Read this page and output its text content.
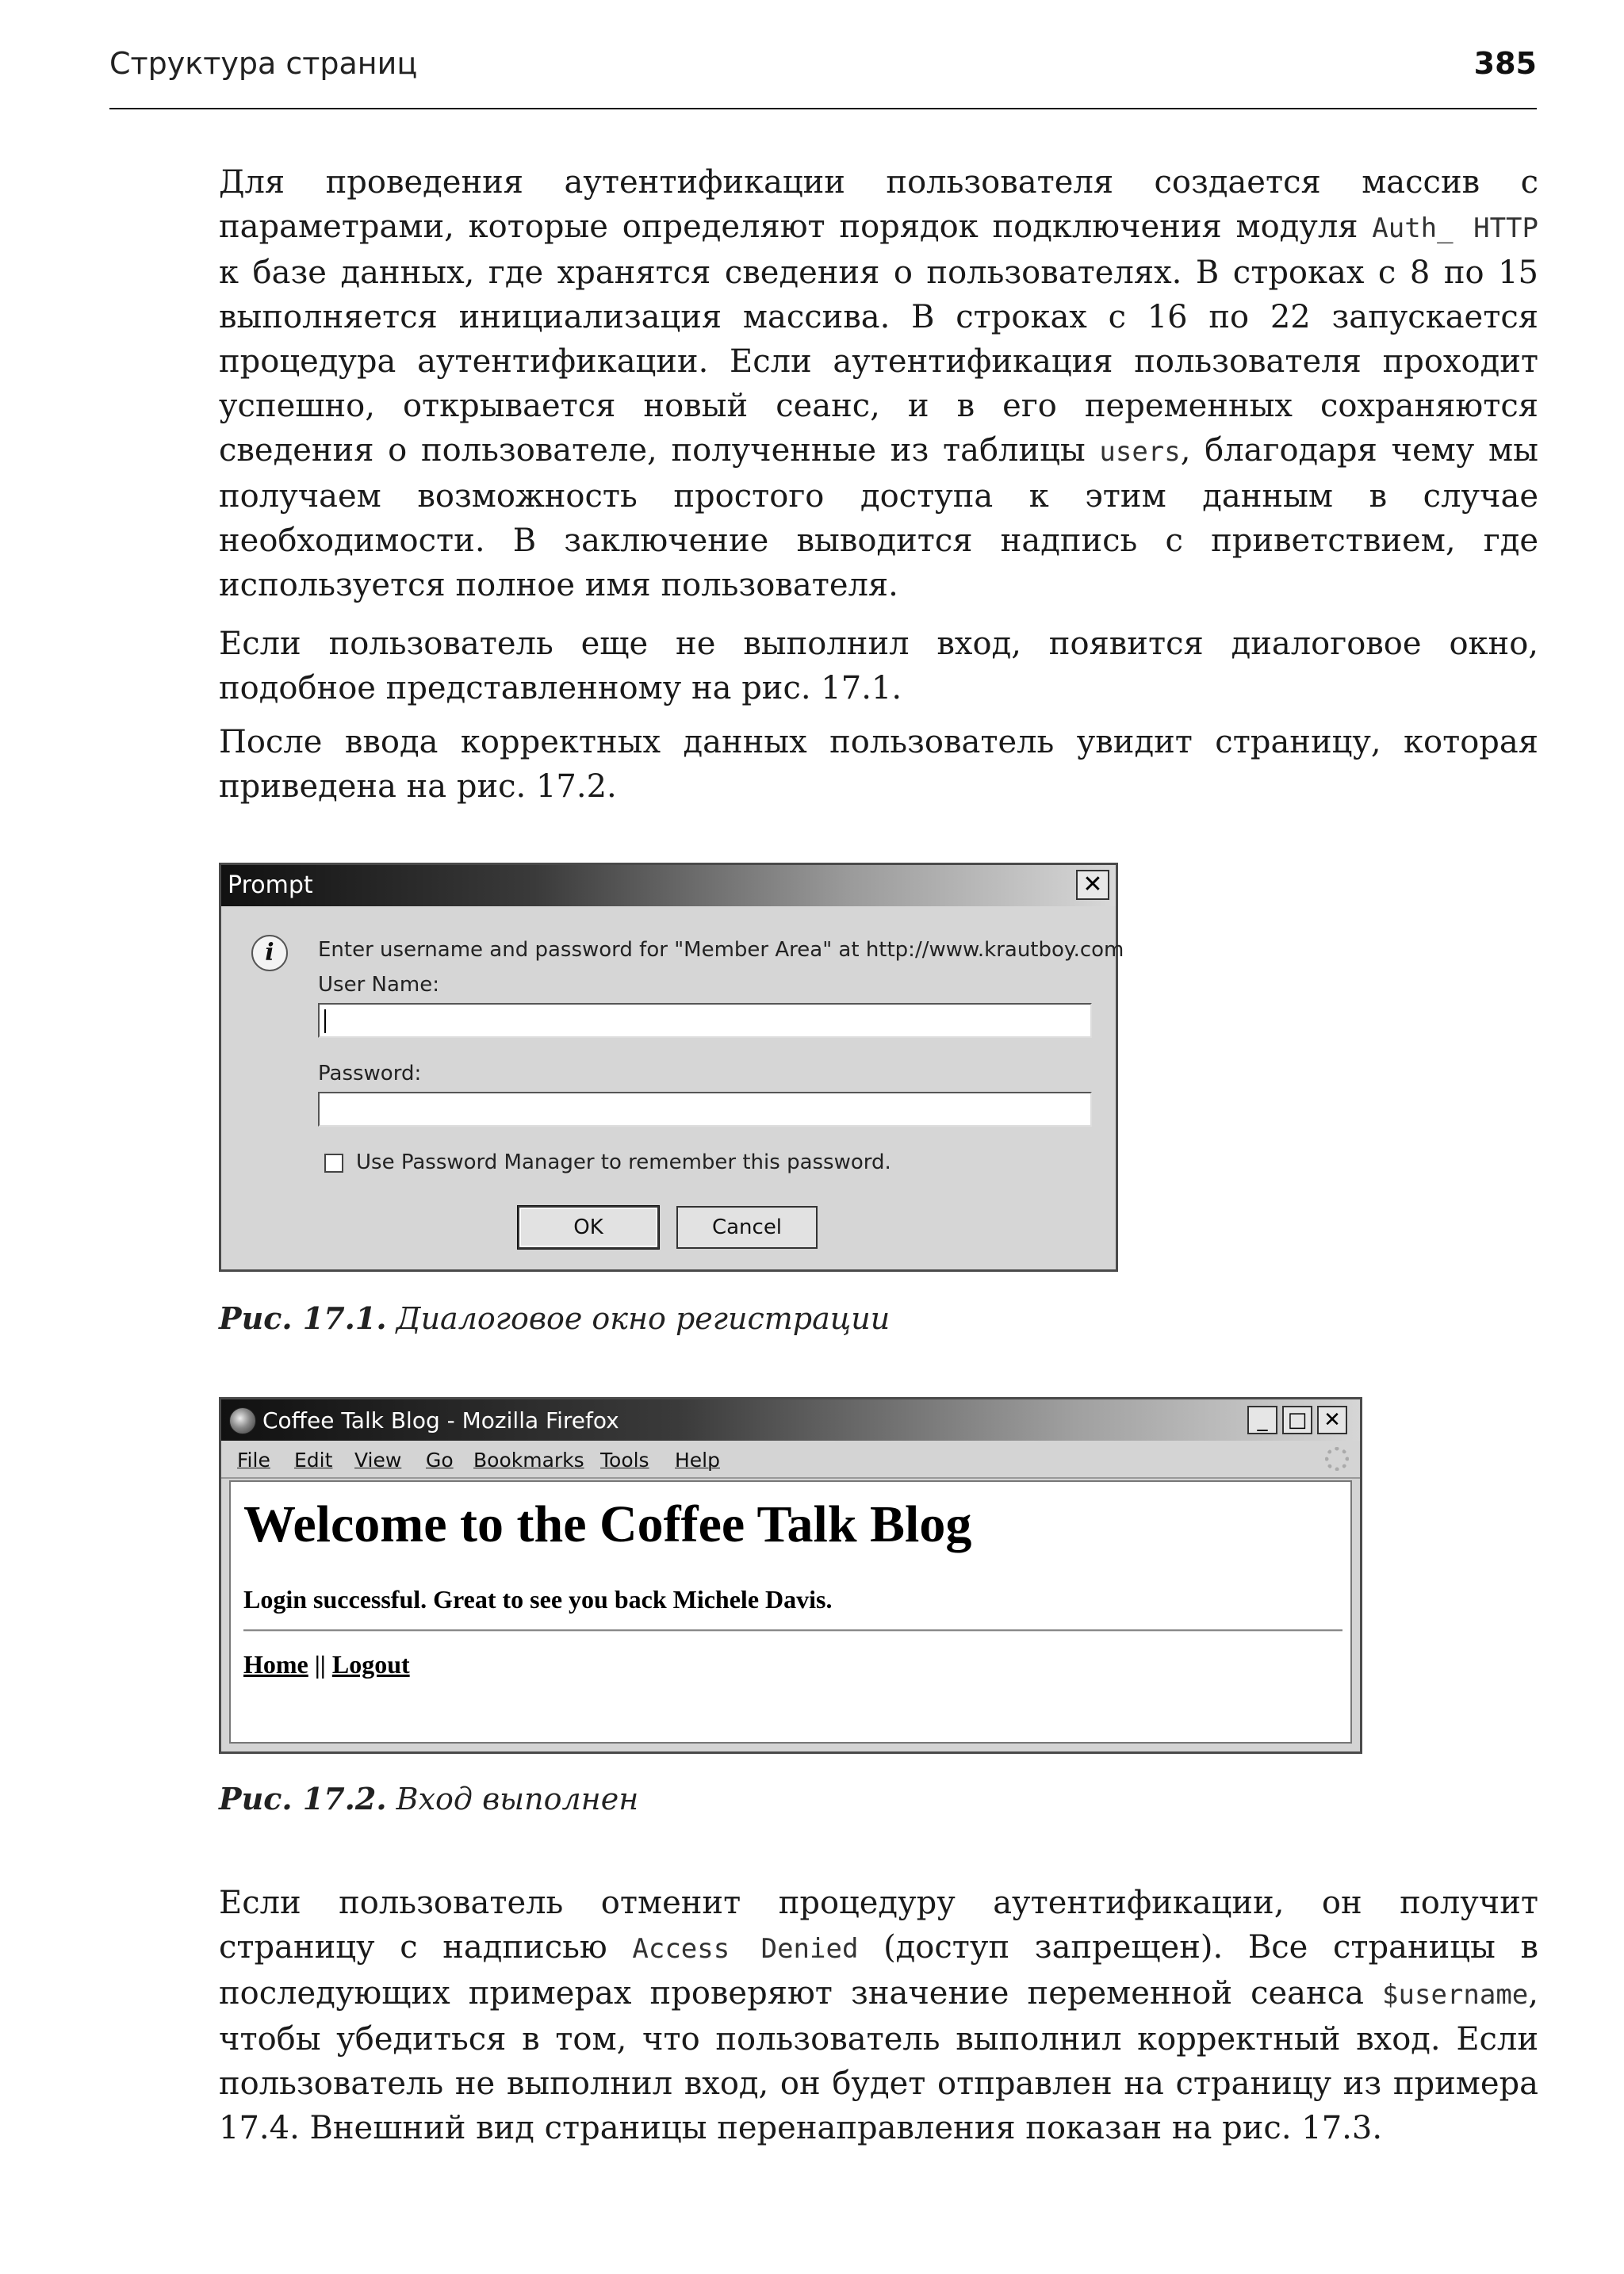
Структура страниц	385

Для проведения аутентификации пользователя создается массив с параметрами, которые определяют порядок подключения модуля Auth_ HTTP к базе данных, где хранятся сведения о пользователях. В строках с 8 по 15 выполняется инициализация массива. В строках с 16 по 22 запускается процедура аутентификации. Если аутентификация пользователя проходит успешно, открывается новый сеанс, и в его переменных сохраняются сведения о пользователе, полученные из таблицы users, благодаря чему мы получаем возможность простого доступа к этим данным в случае необходимости. В заключение выводится надпись с приветствием, где используется полное имя пользователя.

Если пользователь еще не выполнил вход, появится диалоговое окно, подобное представленному на рис. 17.1.

После ввода корректных данных пользователь увидит страницу, которая приведена на рис. 17.2.

Prompt	✕
i	Enter username and password for "Member Area" at http://www.krautboy.com
User Name:
Password:
Use Password Manager to remember this password.
OK	Cancel
Рис. 17.1. Диалоговое окно регистрации
Coffee Talk Blog - Mozilla Firefox	_ □ ✕
File Edit View Go Bookmarks Tools Help
Welcome to the Coffee Talk Blog
Login successful. Great to see you back Michele Davis.
Home || Logout
Рис. 17.2. Вход выполнен

Если пользователь отменит процедуру аутентификации, он получит страницу с надписью Access Denied (доступ запрещен). Все страницы в последующих примерах проверяют значение переменной сеанса $username, чтобы убедиться в том, что пользователь выполнил корректный вход. Если пользователь не выполнил вход, он будет отправлен на страницу из примера 17.4. Внешний вид страницы перенаправления показан на рис. 17.3.
